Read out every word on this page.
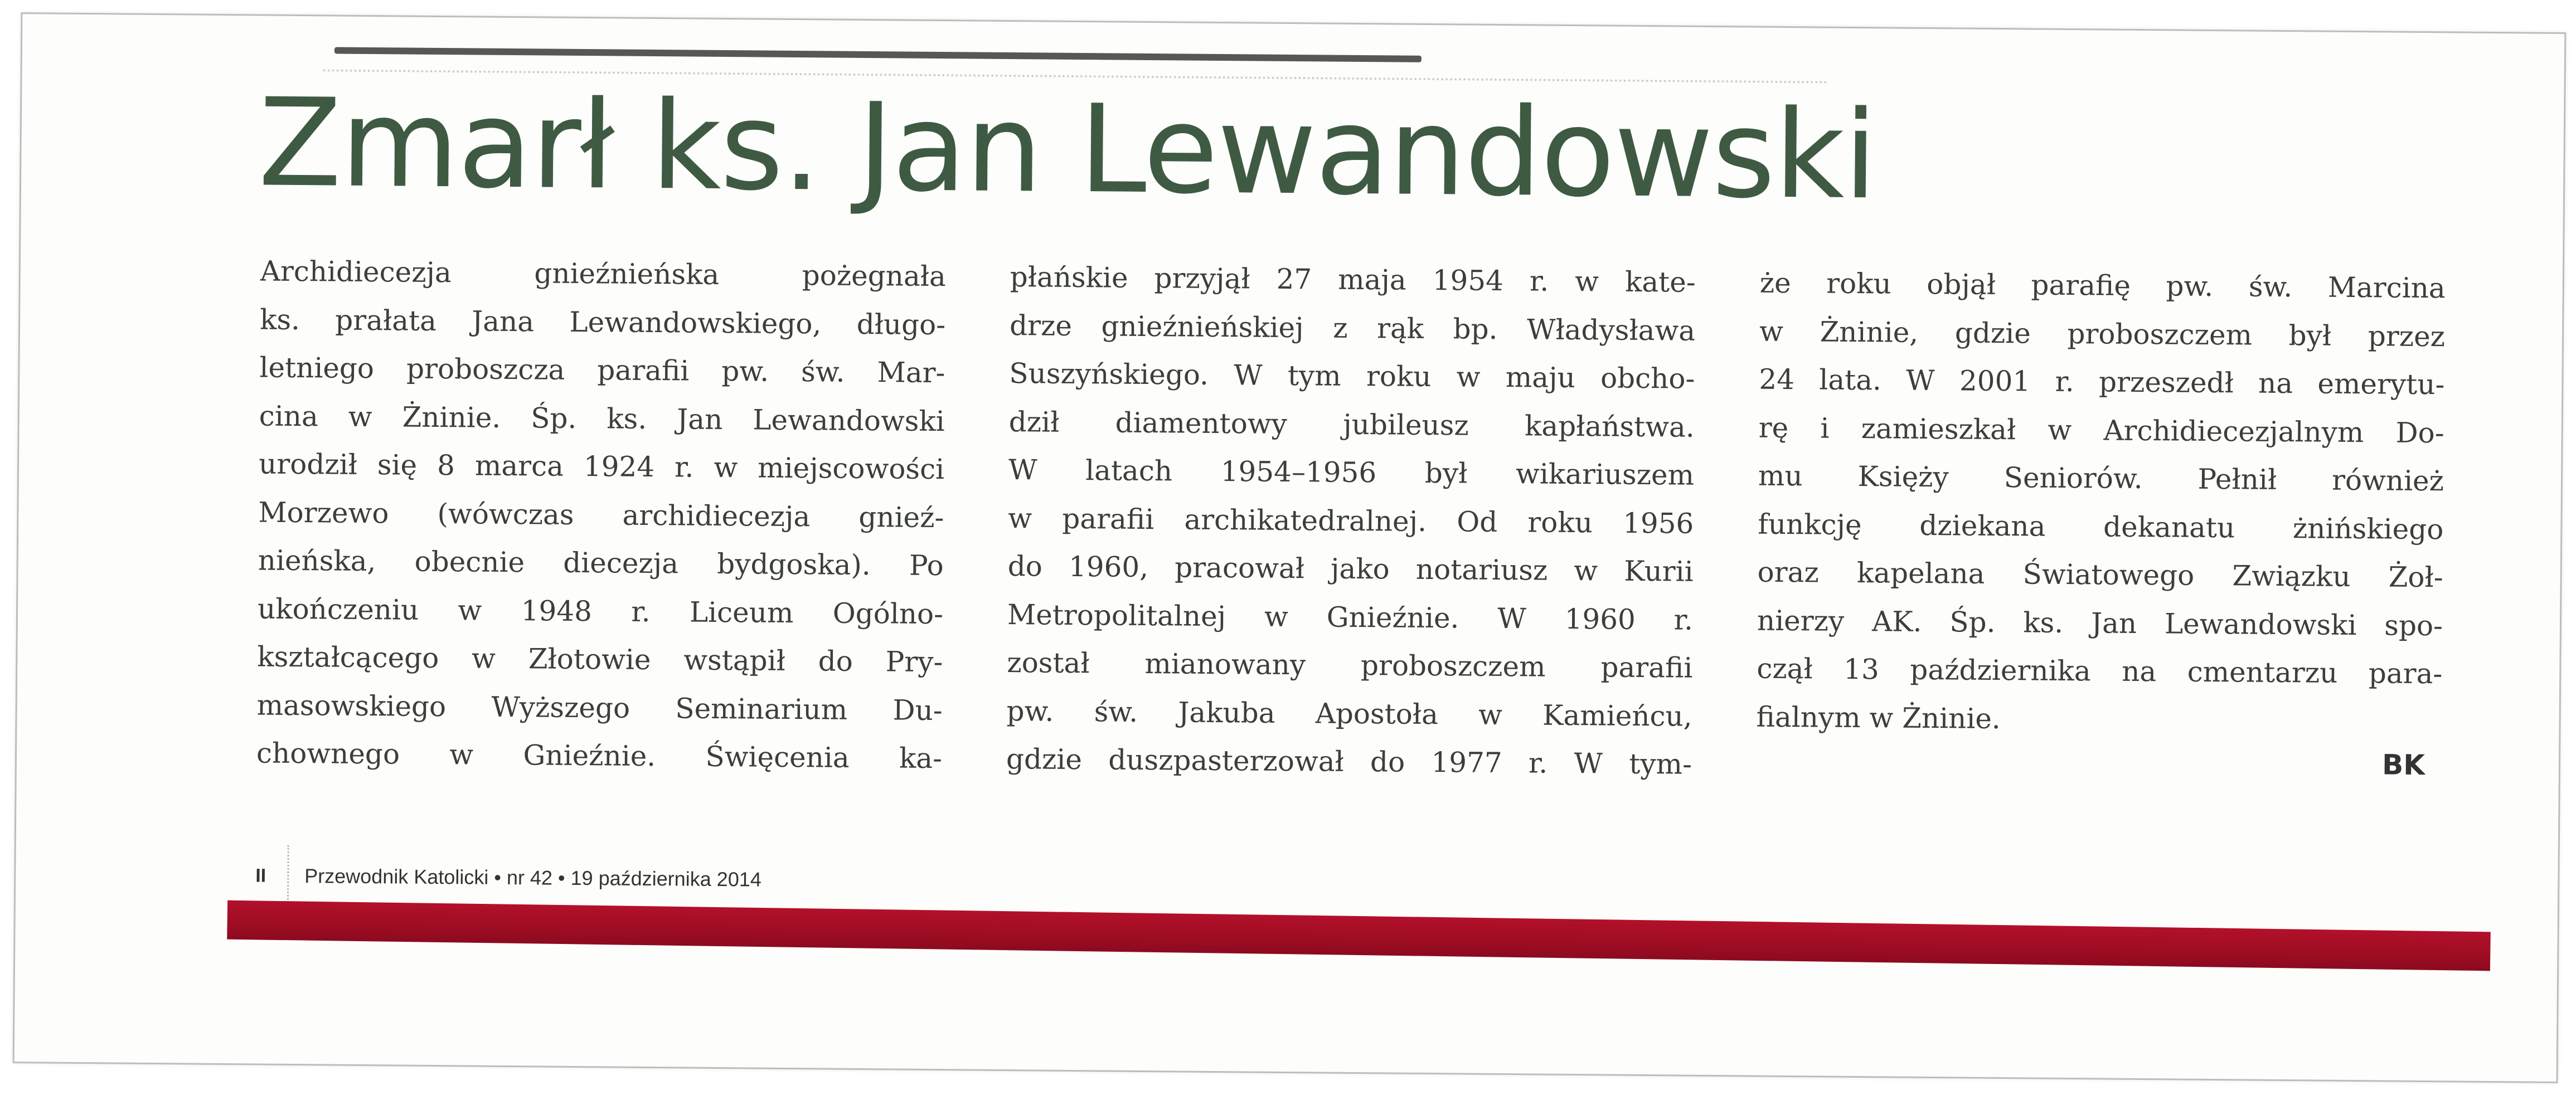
Zmarł ks. Jan Lewandowski
Archidiecezja gnieźnieńska pożegnała
ks. prałata Jana Lewandowskiego, długo-
letniego proboszcza parafii pw. św. Mar-
cina w Żninie. Śp. ks. Jan Lewandowski
urodził się 8 marca 1924 r. w miejscowości
Morzewo (wówczas archidiecezja gnieź-
nieńska, obecnie diecezja bydgoska). Po
ukończeniu w 1948 r. Liceum Ogólno-
kształcącego w Złotowie wstąpił do Pry-
masowskiego Wyższego Seminarium Du-
chownego w Gnieźnie. Święcenia ka-
płańskie przyjął 27 maja 1954 r. w kate-
drze gnieźnieńskiej z rąk bp. Władysława
Suszyńskiego. W tym roku w maju obcho-
dził diamentowy jubileusz kapłaństwa.
W latach 1954–1956 był wikariuszem
w parafii archikatedralnej. Od roku 1956
do 1960, pracował jako notariusz w Kurii
Metropolitalnej w Gnieźnie. W 1960 r.
został mianowany proboszczem parafii
pw. św. Jakuba Apostoła w Kamieńcu,
gdzie duszpasterzował do 1977 r. W tym-
że roku objął parafię pw. św. Marcina
w Żninie, gdzie proboszczem był przez
24 lata. W 2001 r. przeszedł na emerytu-
rę i zamieszkał w Archidiecezjalnym Do-
mu Księży Seniorów. Pełnił również
funkcję dziekana dekanatu żnińskiego
oraz kapelana Światowego Związku Żoł-
nierzy AK. Śp. ks. Jan Lewandowski spo-
czął 13 października na cmentarzu para-
fialnym w Żninie.
BK
II Przewodnik Katolicki • nr 42 • 19 października 2014
